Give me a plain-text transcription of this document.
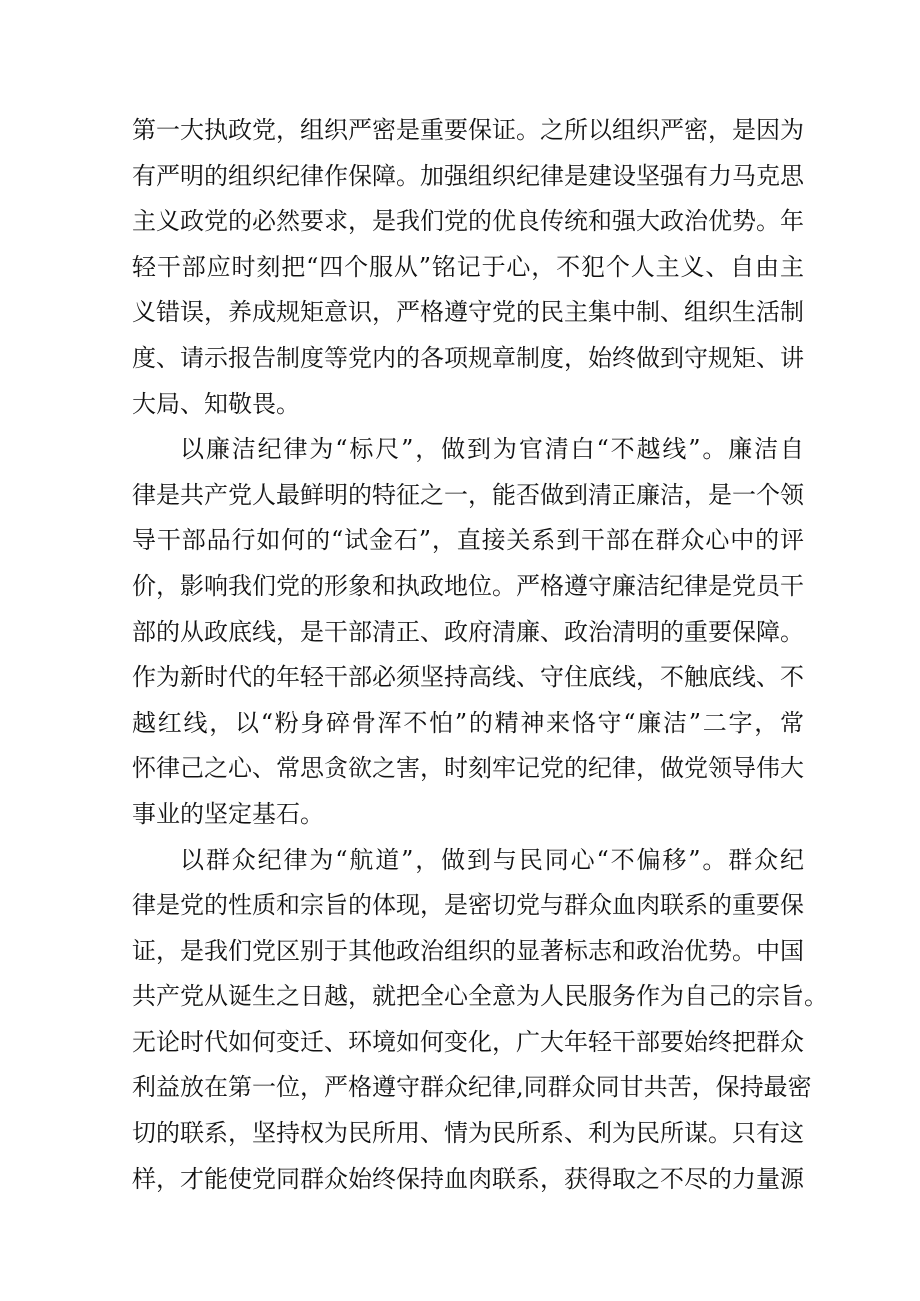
第一大执政党，组织严密是重要保证。之所以组织严密，是因为
有严明的组织纪律作保障。加强组织纪律是建设坚强有力马克思
主义政党的必然要求，是我们党的优良传统和强大政治优势。年
轻干部应时刻把“四个服从”铭记于心，不犯个人主义、自由主
义错误，养成规矩意识，严格遵守党的民主集中制、组织生活制
度、请示报告制度等党内的各项规章制度，始终做到守规矩、讲
大局、知敬畏。
以廉洁纪律为“标尺”，做到为官清白“不越线”。廉洁自
律是共产党人最鲜明的特征之一，能否做到清正廉洁，是一个领
导干部品行如何的“试金石”，直接关系到干部在群众心中的评
价，影响我们党的形象和执政地位。严格遵守廉洁纪律是党员干
部的从政底线，是干部清正、政府清廉、政治清明的重要保障。
作为新时代的年轻干部必须坚持高线、守住底线，不触底线、不
越红线，以“粉身碎骨浑不怕”的精神来恪守“廉洁”二字，常
怀律己之心、常思贪欲之害，时刻牢记党的纪律，做党领导伟大
事业的坚定基石。
以群众纪律为“航道”，做到与民同心“不偏移”。群众纪
律是党的性质和宗旨的体现，是密切党与群众血肉联系的重要保
证，是我们党区别于其他政治组织的显著标志和政治优势。中国
共产党从诞生之日越，就把全心全意为人民服务作为自己的宗旨。
无论时代如何变迁、环境如何变化，广大年轻干部要始终把群众
利益放在第一位，严格遵守群众纪律,同群众同甘共苦，保持最密
切的联系，坚持权为民所用、情为民所系、利为民所谋。只有这
样，才能使党同群众始终保持血肉联系，获得取之不尽的力量源
